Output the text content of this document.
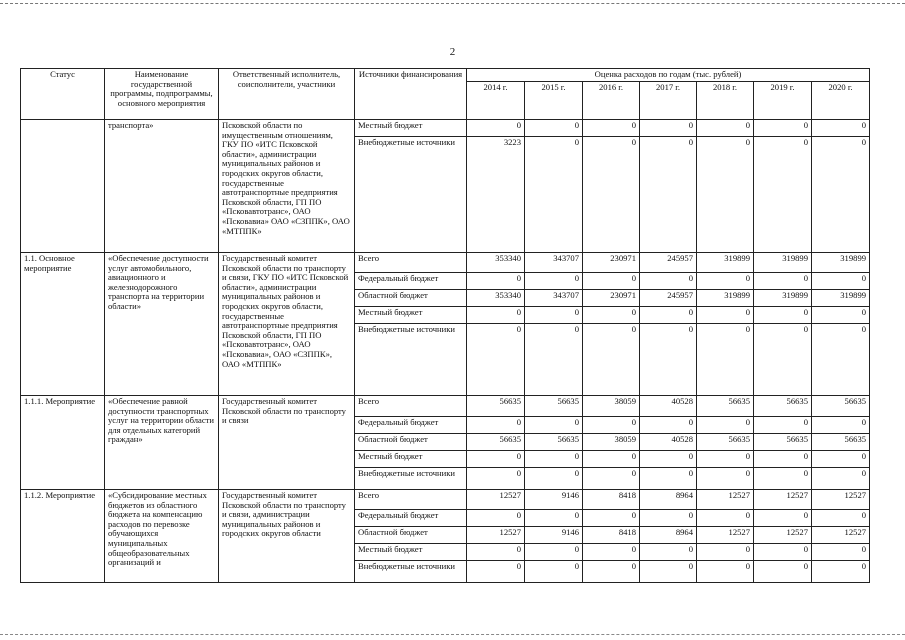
2
Статус	Наименование государственной программы, подпрограммы, основного мероприятия	Ответственный исполнитель, соисполнители, участники	Источники финансирования	Оценка расходов по годам (тыс. рублей)						
				2014 г.	2015 г.	2016 г.	2017 г.	2018 г.	2019 г.	2020 г.
	транспорта»	Псковской области по имущественным отношениям, ГКУ ПО «ИТС Псковской области», администрации муниципальных районов и городских округов области, государственные автотранспортные предприятия Псковской области, ГП ПО «Псковавтотранс», ОАО «Псковавиа» ОАО «СЗППК», ОАО «МТППК»	Местный бюджет	0	0	0	0	0	0	0
			Внебюджетные источники	3223	0	0	0	0	0	0
1.1. Основное мероприятие	«Обеспечение доступности услуг автомобильного, авиационного и железнодорожного транспорта на территории области»	Государственный комитет Псковской области по транспорту и связи, ГКУ ПО «ИТС Псковской области», администрации муниципальных районов и городских округов области, государственные автотранспортные предприятия Псковской области, ГП ПО «Псковавтотранс», ОАО «Псковавиа», ОАО «СЗППК», ОАО «МТППК»	Всего	353340	343707	230971	245957	319899	319899	319899
			Федеральный бюджет	0	0	0	0	0	0	0
			Областной бюджет	353340	343707	230971	245957	319899	319899	319899
			Местный бюджет	0	0	0	0	0	0	0
			Внебюджетные источники	0	0	0	0	0	0	0
1.1.1. Мероприятие	«Обеспечение равной доступности транспортных услуг на территории области для отдельных категорий граждан»	Государственный комитет Псковской области по транспорту и связи	Всего	56635	56635	38059	40528	56635	56635	56635
			Федеральный бюджет	0	0	0	0	0	0	0
			Областной бюджет	56635	56635	38059	40528	56635	56635	56635
			Местный бюджет	0	0	0	0	0	0	0
			Внебюджетные источники	0	0	0	0	0	0	0
1.1.2. Мероприятие	«Субсидирование местных бюджетов из областного бюджета на компенсацию расходов по перевозке обучающихся муниципальных общеобразовательных организаций и	Государственный комитет Псковской области по транспорту и связи, администрации муниципальных районов и городских округов области	Всего	12527	9146	8418	8964	12527	12527	12527
			Федеральный бюджет	0	0	0	0	0	0	0
			Областной бюджет	12527	9146	8418	8964	12527	12527	12527
			Местный бюджет	0	0	0	0	0	0	0
			Внебюджетные источники	0	0	0	0	0	0	0
